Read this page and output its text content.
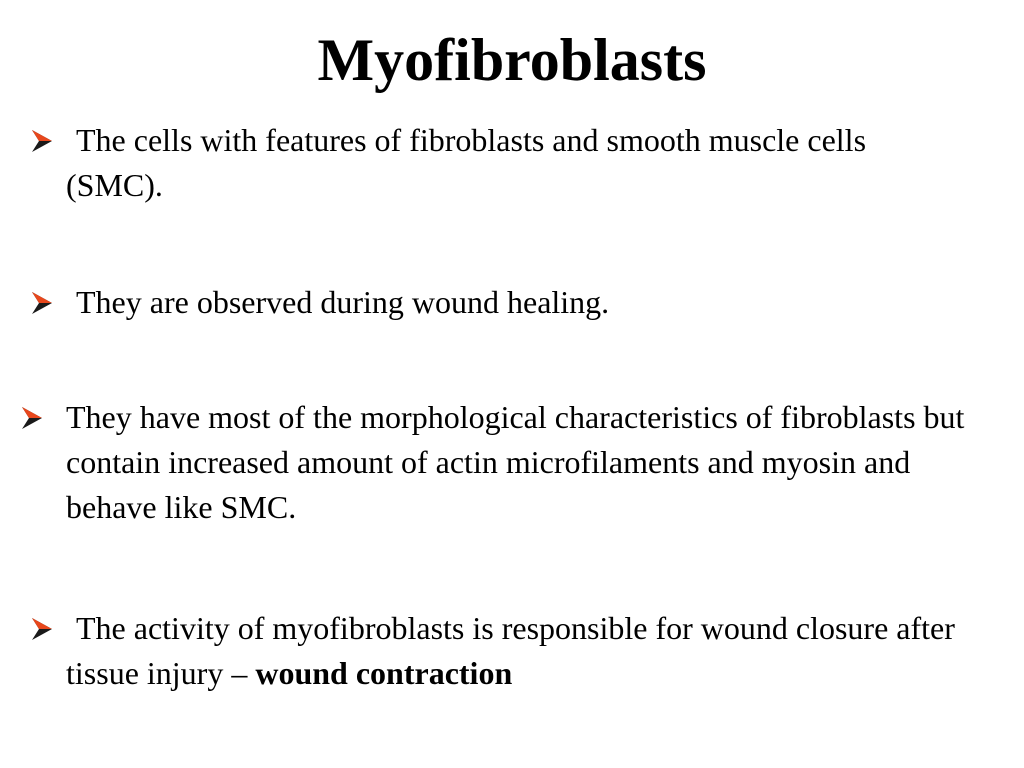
Myofibroblasts

The cells with features of fibroblasts and smooth muscle cells (SMC).

They are observed during wound healing.

They have most of the morphological characteristics of fibroblasts but contain increased amount of actin microfilaments and myosin and behave like SMC.

The activity of myofibroblasts is responsible for wound closure after tissue injury – wound contraction
